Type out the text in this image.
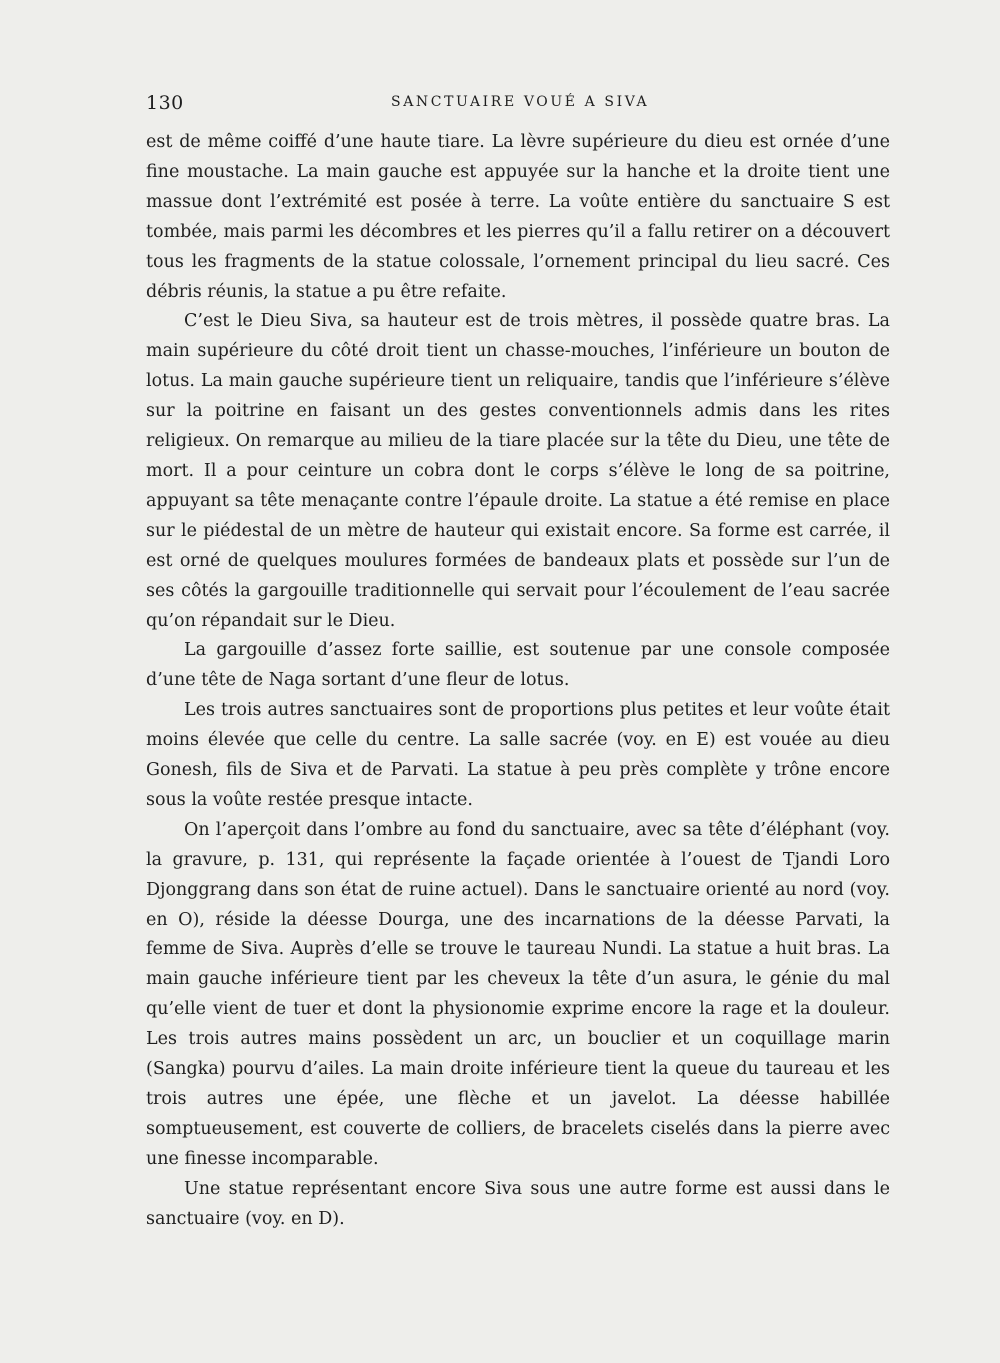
130	SANCTUAIRE VOUÉ A SIVA

est de même coiffé d’une haute tiare. La lèvre supérieure du dieu est ornée d’une fine moustache. La main gauche est appuyée sur la hanche et la droite tient une massue dont l’extrémité est posée à terre. La voûte entière du sanctuaire S est tombée, mais parmi les décombres et les pierres qu’il a fallu retirer on a découvert tous les fragments de la statue colossale, l’ornement principal du lieu sacré. Ces débris réunis, la statue a pu être refaite.

C’est le Dieu Siva, sa hauteur est de trois mètres, il possède quatre bras. La main supérieure du côté droit tient un chasse-mouches, l’inférieure un bouton de lotus. La main gauche supérieure tient un reliquaire, tandis que l’inférieure s’élève sur la poitrine en faisant un des gestes conventionnels admis dans les rites religieux. On remarque au milieu de la tiare placée sur la tête du Dieu, une tête de mort. Il a pour ceinture un cobra dont le corps s’élève le long de sa poitrine, appuyant sa tête menaçante contre l’épaule droite. La statue a été remise en place sur le piédestal de un mètre de hauteur qui existait encore. Sa forme est carrée, il est orné de quelques moulures formées de bandeaux plats et possède sur l’un de ses côtés la gargouille traditionnelle qui servait pour l’écoulement de l’eau sacrée qu’on répandait sur le Dieu.

La gargouille d’assez forte saillie, est soutenue par une console composée d’une tête de Naga sortant d’une fleur de lotus.

Les trois autres sanctuaires sont de proportions plus petites et leur voûte était moins élevée que celle du centre. La salle sacrée (voy. en E) est vouée au dieu Gonesh, fils de Siva et de Parvati. La statue à peu près complète y trône encore sous la voûte restée presque intacte.

On l’aperçoit dans l’ombre au fond du sanctuaire, avec sa tête d’éléphant (voy. la gravure, p. 131, qui représente la façade orientée à l’ouest de Tjandi Loro Djonggrang dans son état de ruine actuel). Dans le sanctuaire orienté au nord (voy. en O), réside la déesse Dourga, une des incarnations de la déesse Parvati, la femme de Siva. Auprès d’elle se trouve le taureau Nundi. La statue a huit bras. La main gauche inférieure tient par les cheveux la tête d’un asura, le génie du mal qu’elle vient de tuer et dont la physionomie exprime encore la rage et la douleur. Les trois autres mains possèdent un arc, un bouclier et un coquillage marin (Sangka) pourvu d’ailes. La main droite inférieure tient la queue du taureau et les trois autres une épée, une flèche et un javelot. La déesse habillée somptueusement, est couverte de colliers, de bracelets ciselés dans la pierre avec une finesse incomparable.

Une statue représentant encore Siva sous une autre forme est aussi dans le sanctuaire (voy. en D).
